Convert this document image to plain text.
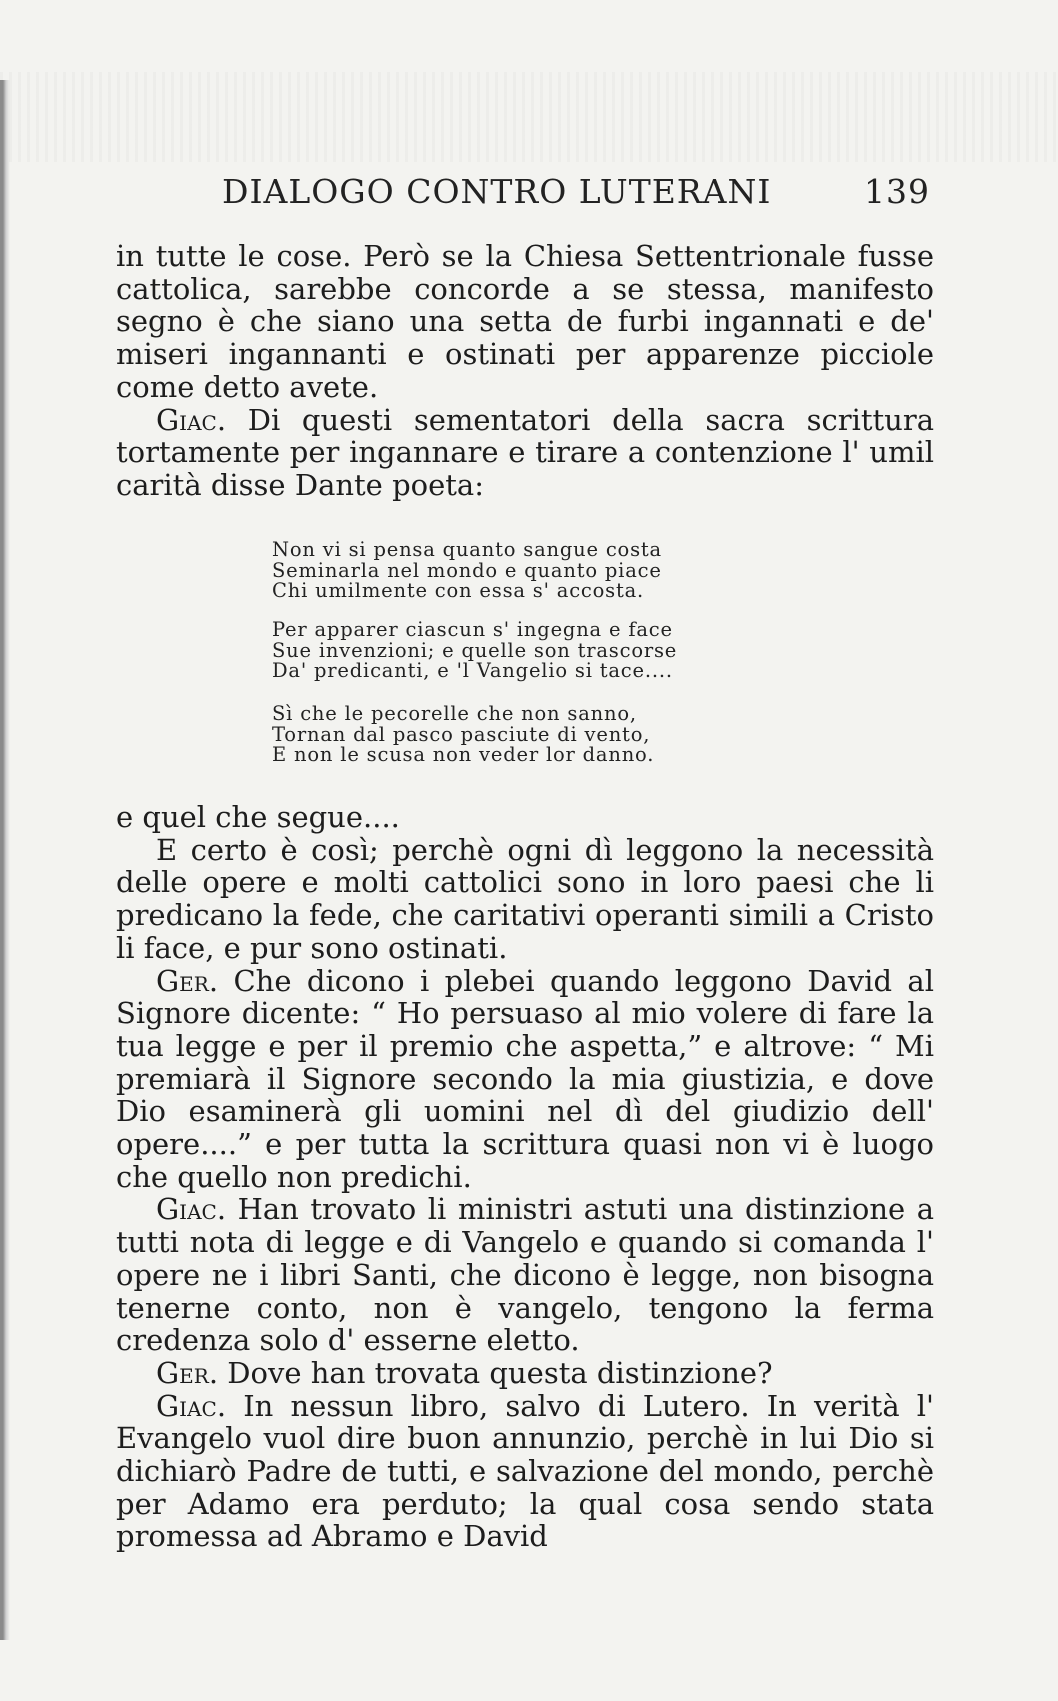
DIALOGO CONTRO LUTERANI	139

in tutte le cose. Però se la Chiesa Settentrionale fusse cattolica, sarebbe concorde a se stessa, manifesto segno è che siano una setta de furbi ingannati e de' miseri ingannanti e ostinati per apparenze picciole come detto avete.

Giac. Di questi sementatori della sacra scrittura tortamente per ingannare e tirare a contenzione l' umil carità disse Dante poeta:

Non vi si pensa quanto sangue costa
Seminarla nel mondo e quanto piace
Chi umilmente con essa s' accosta.
Per apparer ciascun s' ingegna e face
Sue invenzioni; e quelle son trascorse
Da' predicanti, e 'l Vangelio si tace....
Sì che le pecorelle che non sanno,
Tornan dal pasco pasciute di vento,
E non le scusa non veder lor danno.

e quel che segue....

E certo è così; perchè ogni dì leggono la necessità delle opere e molti cattolici sono in loro paesi che li predicano la fede, che caritativi operanti simili a Cristo li face, e pur sono ostinati.

Ger. Che dicono i plebei quando leggono David al Signore dicente: “ Ho persuaso al mio volere di fare la tua legge e per il premio che aspetta,” e altrove: “ Mi premiarà il Signore secondo la mia giustizia, e dove Dio esaminerà gli uomini nel dì del giudizio dell' opere....” e per tutta la scrittura quasi non vi è luogo che quello non predichi.

Giac. Han trovato li ministri astuti una distinzione a tutti nota di legge e di Vangelo e quando si comanda l' opere ne i libri Santi, che dicono è legge, non bisogna tenerne conto, non è vangelo, tengono la ferma credenza solo d' esserne eletto.

Ger. Dove han trovata questa distinzione?

Giac. In nessun libro, salvo di Lutero. In verità l' Evangelo vuol dire buon annunzio, perchè in lui Dio si dichiarò Padre de tutti, e salvazione del mondo, perchè per Adamo era perduto; la qual cosa sendo stata promessa ad Abramo e David
